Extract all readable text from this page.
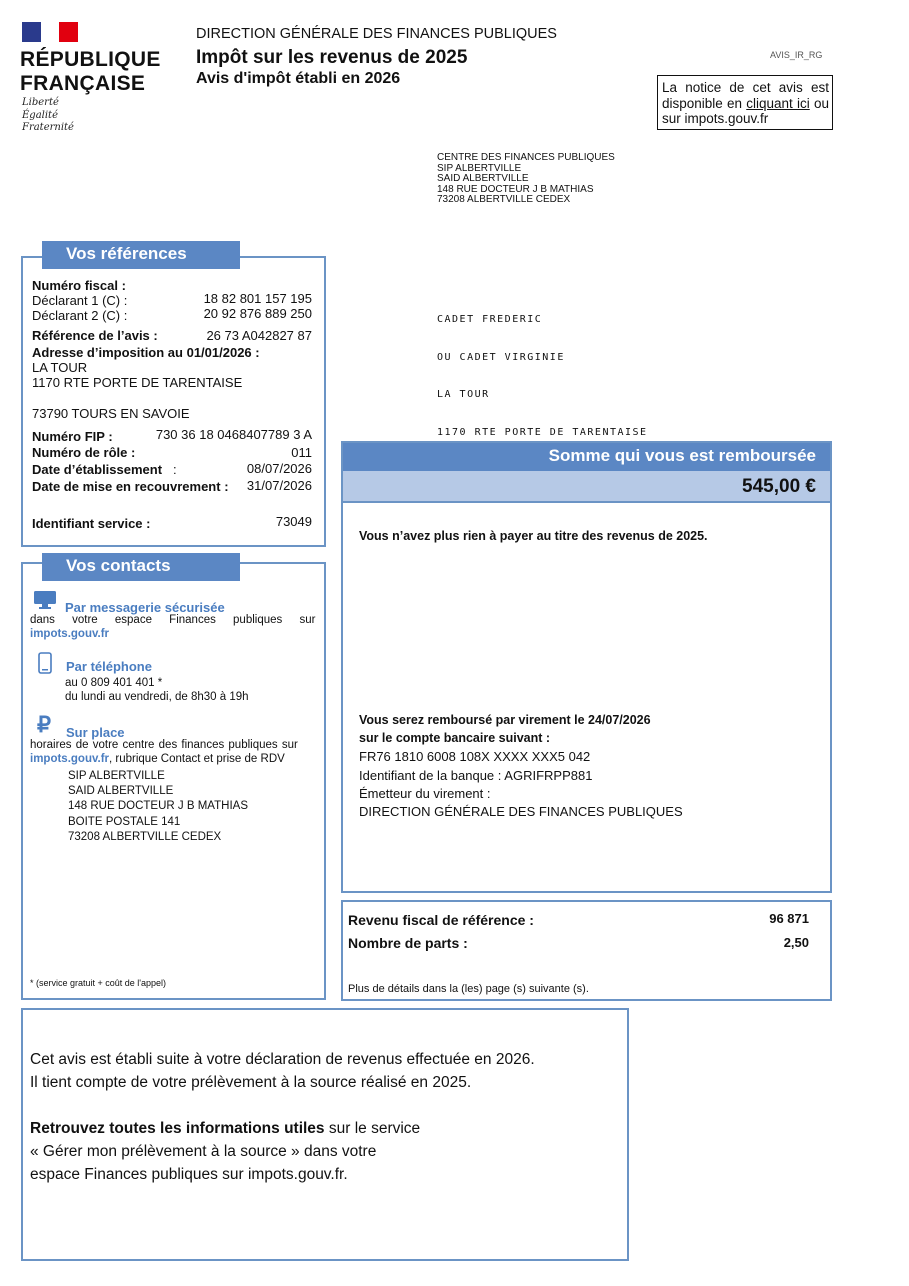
RÉPUBLIQUE
FRANÇAISE
Liberté
Égalité
Fraternité
DIRECTION GÉNÉRALE DES FINANCES PUBLIQUES
Impôt sur les revenus de 2025
Avis d'impôt établi en 2026
AVIS_IR_RG
La notice de cet avis est disponible en cliquant ici ou sur impots.gouv.fr
CENTRE DES FINANCES PUBLIQUES
SIP ALBERTVILLE
SAID ALBERTVILLE
148 RUE DOCTEUR J B MATHIAS
73208 ALBERTVILLE CEDEX

CADET FREDERIC

OU CADET VIRGINIE

LA TOUR

1170 RTE PORTE DE TARENTAISE

Numéro fiscal :
Déclarant 1 (C) :	18 82 801 157 195
Déclarant 2 (C) :	20 92 876 889 250
Référence de l’avis :	26 73 A042827 87
Adresse d’imposition au 01/01/2026 :
LA TOUR
1170 RTE PORTE DE TARENTAISE
73790 TOURS EN SAVOIE
Numéro FIP :	730 36 18 0468407789 3 A
Numéro de rôle :	011
Date d’établissement :	08/07/2026
Date de mise en recouvrement :	31/07/2026
Identifiant service :	73049
Vos références
Par messagerie sécurisée
dans votre espace Finances publiques sur
impots.gouv.fr
Par téléphone
au 0 809 401 401 *
du lundi au vendredi, de 8h30 à 19h
₽ Sur place
horaires de votre centre des finances publiques sur
impots.gouv.fr, rubrique Contact et prise de RDV
SIP ALBERTVILLE
SAID ALBERTVILLE
148 RUE DOCTEUR J B MATHIAS
BOITE POSTALE 141
73208 ALBERTVILLE CEDEX
* (service gratuit + coût de l'appel)
Vos contacts
Somme qui vous est remboursée
545,00 €
Vous n’avez plus rien à payer au titre des revenus de 2025.
Vous serez remboursé par virement le 24/07/2026
sur le compte bancaire suivant :
FR76 1810 6008 108X XXXX XXX5 042
Identifiant de la banque : AGRIFRPP881
Émetteur du virement :
DIRECTION GÉNÉRALE DES FINANCES PUBLIQUES
Revenu fiscal de référence :	96 871
Nombre de parts :	2,50
Plus de détails dans la (les) page (s) suivante (s).

Cet avis est établi suite à votre déclaration de revenus effectuée en 2026.

Il tient compte de votre prélèvement à la source réalisé en 2025.

Retrouvez toutes les informations utiles sur le service

« Gérer mon prélèvement à la source » dans votre

espace Finances publiques sur impots.gouv.fr.
